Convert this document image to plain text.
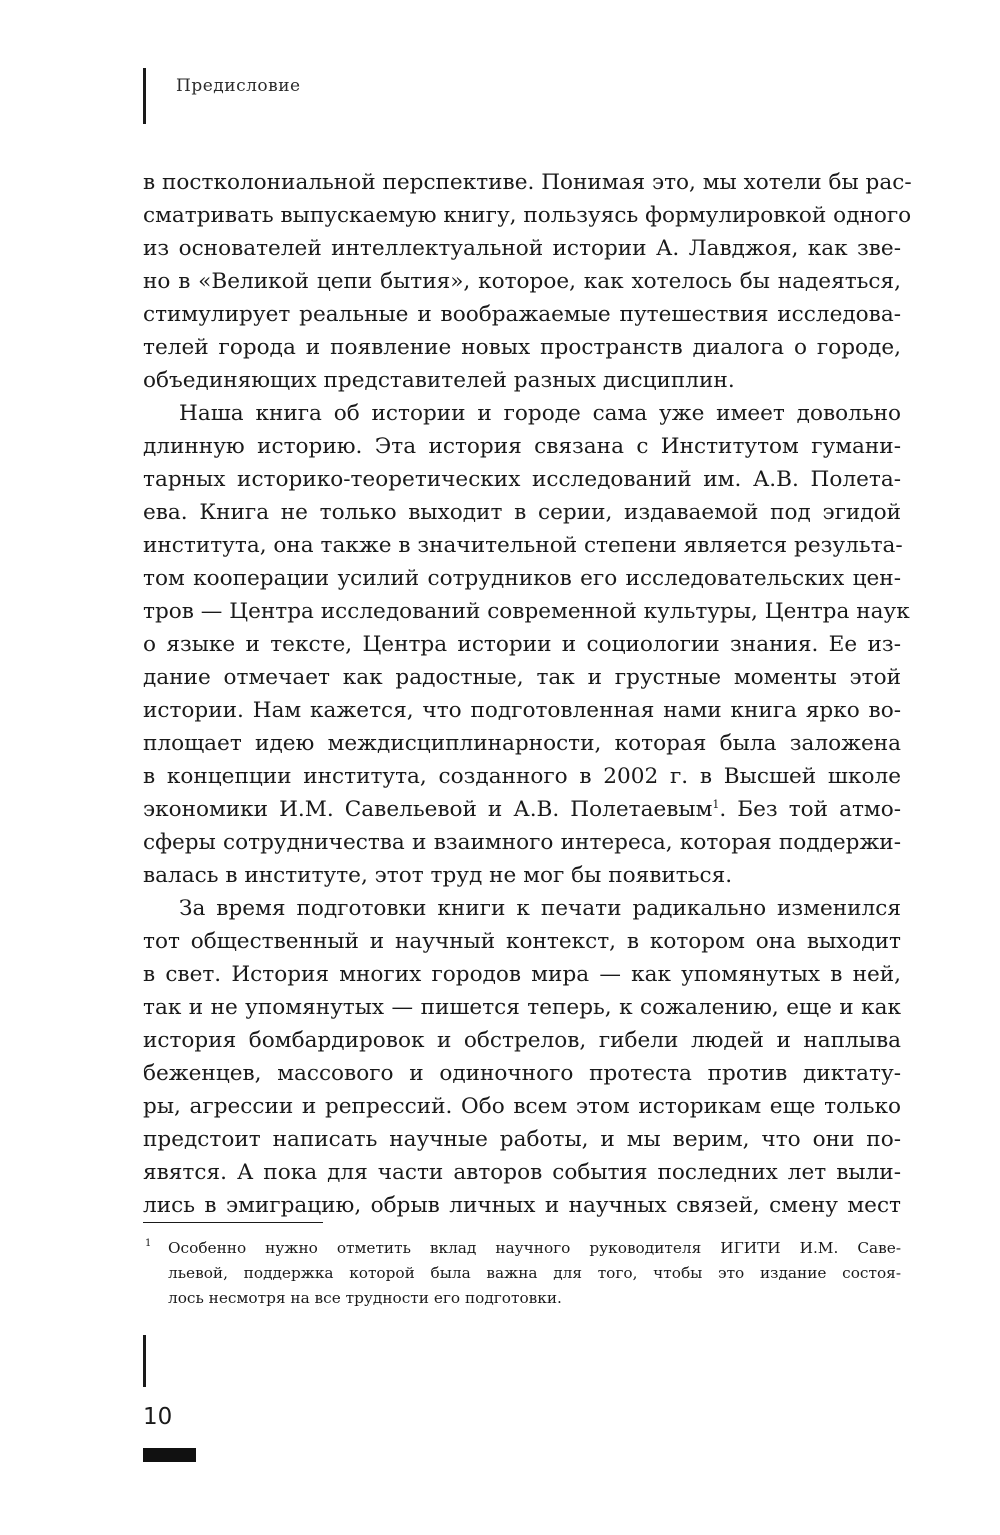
Предисловие
в постколониальной перспективе. Понимая это, мы хотели бы рас-
сматривать выпускаемую книгу, пользуясь формулировкой одного
из основателей интеллектуальной истории А. Лавджоя, как зве-
но в «Великой цепи бытия», которое, как хотелось бы надеяться,
стимулирует реальные и воображаемые путешествия исследова-
телей города и появление новых пространств диалога о городе,
объединяющих представителей разных дисциплин.
Наша книга об истории и городе сама уже имеет довольно
длинную историю. Эта история связана с Институтом гумани-
тарных историко-теоретических исследований им. А.В. Полета-
ева. Книга не только выходит в серии, издаваемой под эгидой
института, она также в значительной степени является результа-
том кооперации усилий сотрудников его исследовательских цен-
тров — Центра исследований современной культуры, Центра наук
о языке и тексте, Центра истории и социологии знания. Ее из-
дание отмечает как радостные, так и грустные моменты этой
истории. Нам кажется, что подготовленная нами книга ярко во-
площает идею междисциплинарности, которая была заложена
в концепции института, созданного в 2002 г. в Высшей школе
экономики И.М. Савельевой и А.В. Полетаевым$^1$. Без той атмо-
сферы сотрудничества и взаимного интереса, которая поддержи-
валась в институте, этот труд не мог бы появиться.
За время подготовки книги к печати радикально изменился
тот общественный и научный контекст, в котором она выходит
в свет. История многих городов мира — как упомянутых в ней,
так и не упомянутых — пишется теперь, к сожалению, еще и как
история бомбардировок и обстрелов, гибели людей и наплыва
беженцев, массового и одиночного протеста против диктату-
ры, агрессии и репрессий. Обо всем этом историкам еще только
предстоит написать научные работы, и мы верим, что они по-
явятся. А пока для части авторов события последних лет выли-
лись в эмиграцию, обрыв личных и научных связей, смену мест
1	Особенно нужно отметить вклад научного руководителя ИГИТИ И.М. Саве-
льевой, поддержка которой была важна для того, чтобы это издание состоя-
лось несмотря на все трудности его подготовки.
10
